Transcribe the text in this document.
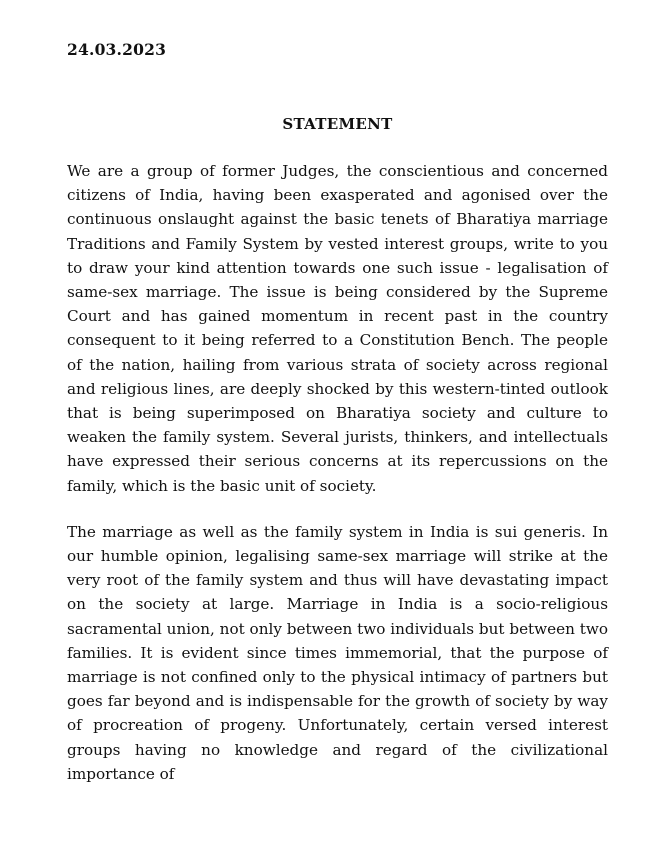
24.03.2023

STATEMENT

We are a group of former Judges, the conscientious and concerned citizens of India, having been exasperated and agonised over the continuous onslaught against the basic tenets of Bharatiya marriage Traditions and Family System by vested interest groups, write to you to draw your kind attention towards one such issue - legalisation of same-sex marriage. The issue is being considered by the Supreme Court and has gained momentum in recent past in the country consequent to it being referred to a Constitution Bench. The people of the nation, hailing from various strata of society across regional and religious lines, are deeply shocked by this western-tinted outlook that is being superimposed on Bharatiya society and culture to weaken the family system. Several jurists, thinkers, and intellectuals have expressed their serious concerns at its repercussions on the family, which is the basic unit of society.

The marriage as well as the family system in India is sui generis. In our humble opinion, legalising same-sex marriage will strike at the very root of the family system and thus will have devastating impact on the society at large. Marriage in India is a socio-religious sacramental union, not only between two individuals but between two families. It is evident since times immemorial, that the purpose of marriage is not confined only to the physical intimacy of partners but goes far beyond and is indispensable for the growth of society by way of procreation of progeny. Unfortunately, certain versed interest groups having no knowledge and regard of the civilizational importance of
